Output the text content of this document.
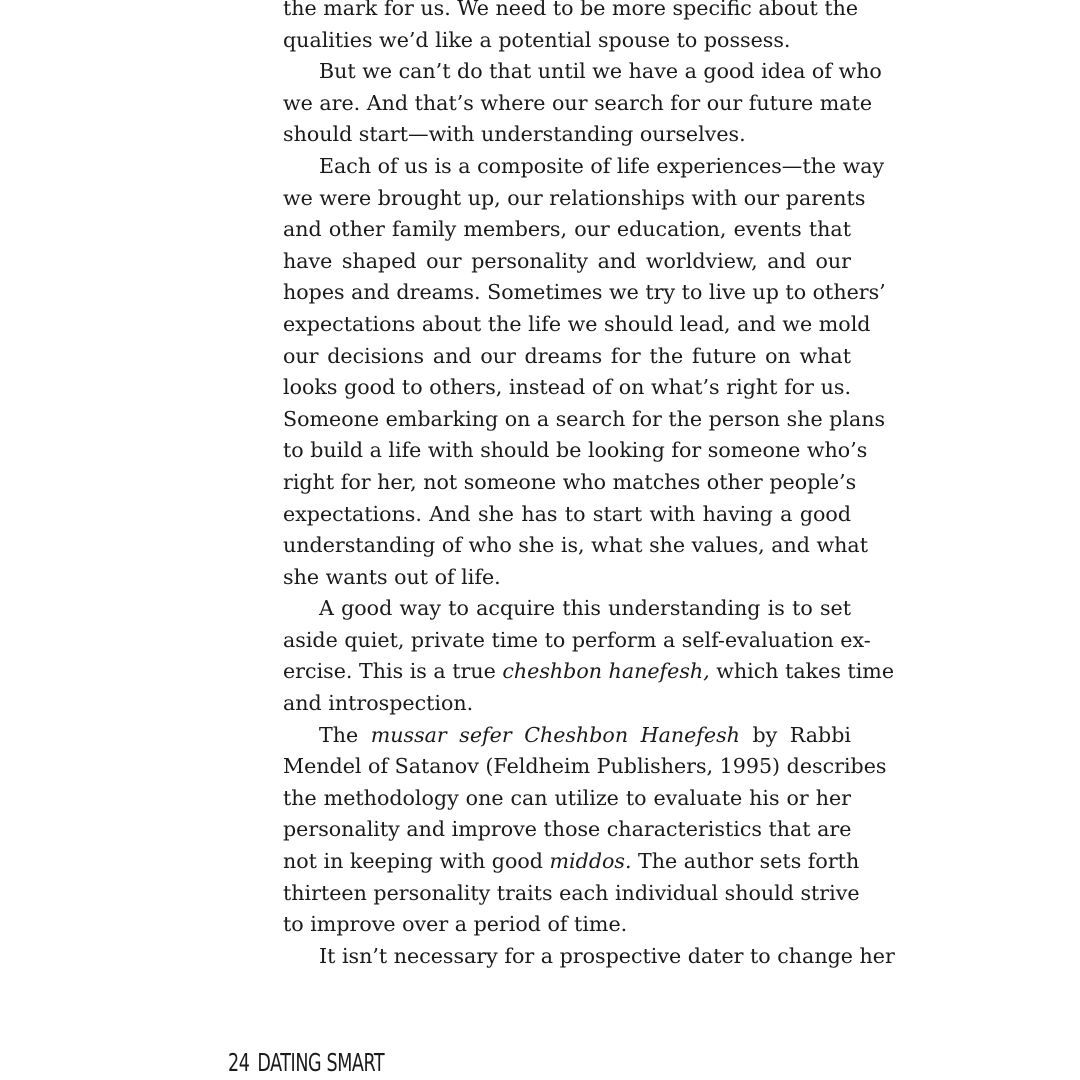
the mark for us. We need to be more specific about the
qualities we’d like a potential spouse to possess.
But we can’t do that until we have a good idea of who
we are. And that’s where our search for our future mate
should start—with understanding ourselves.
Each of us is a composite of life experiences—the way
we were brought up, our relationships with our parents
and other family members, our education, events that
have shaped our personality and worldview, and our
hopes and dreams. Sometimes we try to live up to others’
expectations about the life we should lead, and we mold
our decisions and our dreams for the future on what
looks good to others, instead of on what’s right for us.
Someone embarking on a search for the person she plans
to build a life with should be looking for someone who’s
right for her, not someone who matches other people’s
expectations. And she has to start with having a good
understanding of who she is, what she values, and what
she wants out of life.
A good way to acquire this understanding is to set
aside quiet, private time to perform a self-evaluation ex-
ercise. This is a true cheshbon hanefesh, which takes time
and introspection.
The mussar sefer Cheshbon Hanefesh by Rabbi
Mendel of Satanov (Feldheim Publishers, 1995) describes
the methodology one can utilize to evaluate his or her
personality and improve those characteristics that are
not in keeping with good middos. The author sets forth
thirteen personality traits each individual should strive
to improve over a period of time.
It isn’t necessary for a prospective dater to change her
24 DATING SMART
